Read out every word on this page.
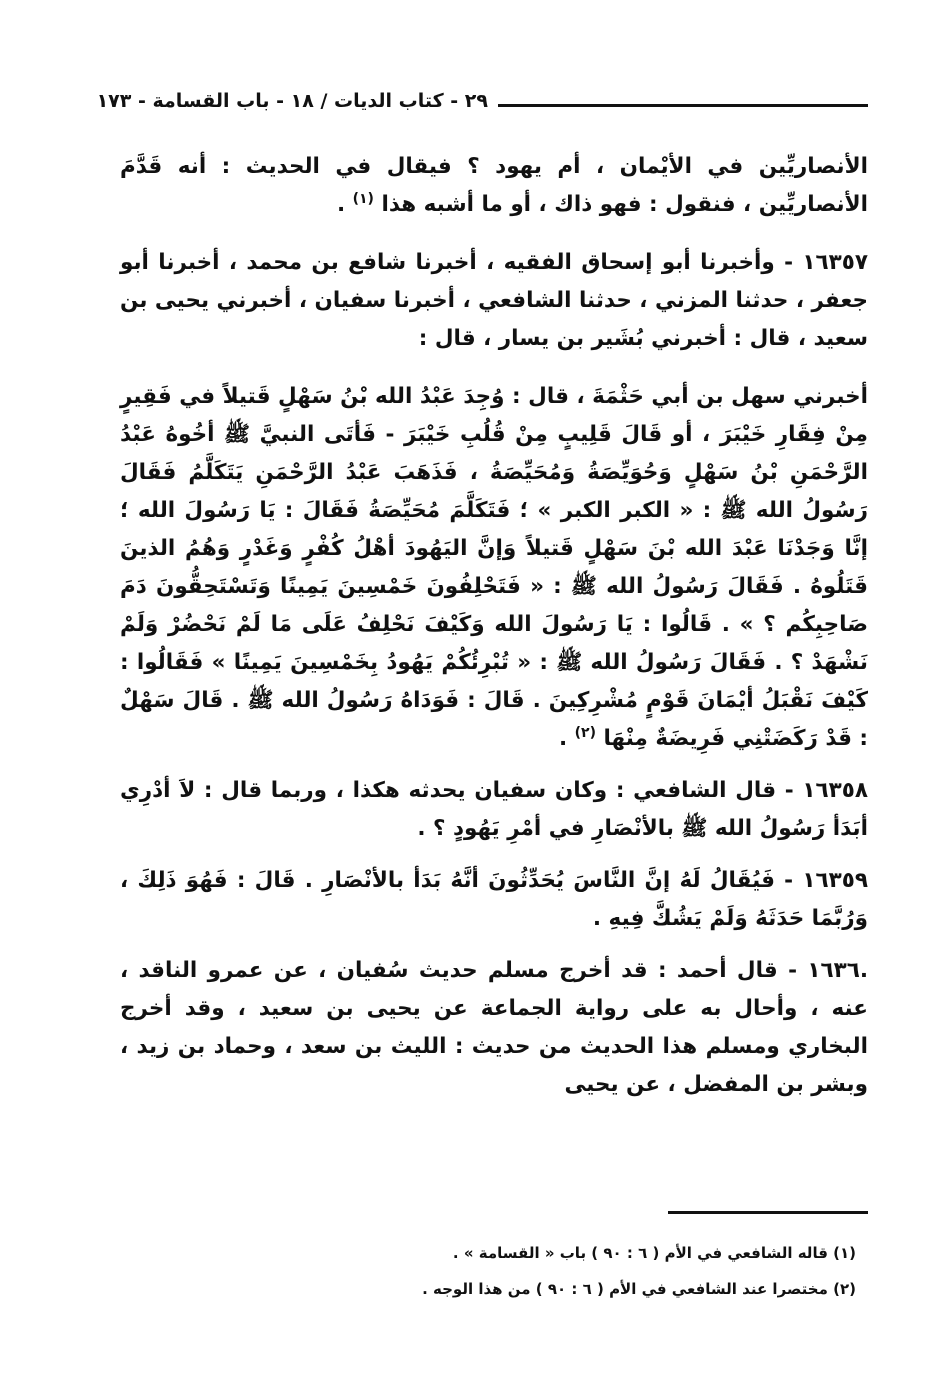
٢٩ - كتاب الديات / ١٨ - باب القسامة - ١٧٣

الأنصاريِّين في الأيْمان ، أم يهود ؟ فيقال في الحديث : أنه قَدَّمَ الأنصاريِّين ، فنقول : فهو ذاك ، أو ما أشبه هذا $^{(١)}$ .

١٦٣٥٧ - وأخبرنا أبو إسحاق الفقيه ، أخبرنا شافع بن محمد ، أخبرنا أبو جعفر ، حدثنا المزني ، حدثنا الشافعي ، أخبرنا سفيان ، أخبرني يحيى بن سعيد ، قال : أخبرني بُشَير بن يسار ، قال :

أخبرني سهل بن أبي حَثْمَةَ ، قال : وُجِدَ عَبْدُ الله بْنُ سَهْلٍ قَتيلاً في فَقِيرٍ مِنْ فِقَارِ خَيْبَرَ ، أو قَالَ قَلِيبٍ مِنْ قُلُبِ خَيْبَرَ - فَأتَى النبيَّ ﷺ أخُوهُ عَبْدُ الرَّحْمَنِ بْنُ سَهْلٍ وَحُوَيِّصَةُ وَمُحَيِّصَةُ ، فَذَهَبَ عَبْدُ الرَّحْمَنِ يَتَكَلَّمُ فَقَالَ رَسُولُ الله ﷺ : « الكبر الكبر » ؛ فَتَكَلَّمَ مُحَيِّصَةُ فَقَالَ : يَا رَسُولَ الله ؛ إنَّا وَجَدْنَا عَبْدَ الله بْنَ سَهْلٍ قَتيلاً وَإنَّ اليَهُودَ أهْلُ كُفْرٍ وَغَدْرٍ وَهُمُ الذينَ قَتَلُوهُ . فَقَالَ رَسُولُ الله ﷺ : « فَتَحْلِفُونَ خَمْسِينَ يَمِينًا وَتَسْتَحِقُّونَ دَمَ صَاحِبِكُم ؟ » . قَالُوا : يَا رَسُولَ الله وَكَيْفَ نَحْلِفُ عَلَى مَا لَمْ نَحْضُرْ وَلَمْ نَشْهَدْ ؟ . فَقَالَ رَسُولُ الله ﷺ : « تُبْرِئُكُمْ يَهُودُ بِخَمْسِينَ يَمِينًا » فَقَالُوا : كَيْفَ نَقْبَلُ أيْمَانَ قَوْمٍ مُشْرِكِينَ . قَالَ : فَوَدَاهُ رَسُولُ الله ﷺ . قَالَ سَهْلٌ : قَدْ رَكَضَتْنِي فَرِيضَةٌ مِنْهَا $^{(٢)}$ .

١٦٣٥٨ - قال الشافعي : وكان سفيان يحدثه هكذا ، وربما قال : لاَ أدْرِي أبَدَأ رَسُولُ الله ﷺ بالأنْصَارِ في أمْرِ يَهُودٍ ؟ .

١٦٣٥٩ - فَيُقَالُ لَهُ إنَّ النَّاسَ يُحَدِّثُونَ أنَّهُ بَدَأ بالأنْصَارِ . قَالَ : فَهُوَ ذَلِكَ ، وَرُبَّمَا حَدَثَهُ وَلَمْ يَشُكَّ فِيهِ .

.١٦٣٦ - قال أحمد : قد أخرج مسلم حديث سُفيان ، عن عمرو الناقد ، عنه ، وأحال به على رواية الجماعة عن يحيى بن سعيد ، وقد أخرج البخاري ومسلم هذا الحديث من حديث : الليث بن سعد ، وحماد بن زيد ، وبشر بن المفضل ، عن يحيى

(١) قاله الشافعي في الأم ( ٦ : ٩٠ ) باب « القسامة » .

(٢) مختصرا عند الشافعي في الأم ( ٦ : ٩٠ ) من هذا الوجه .
